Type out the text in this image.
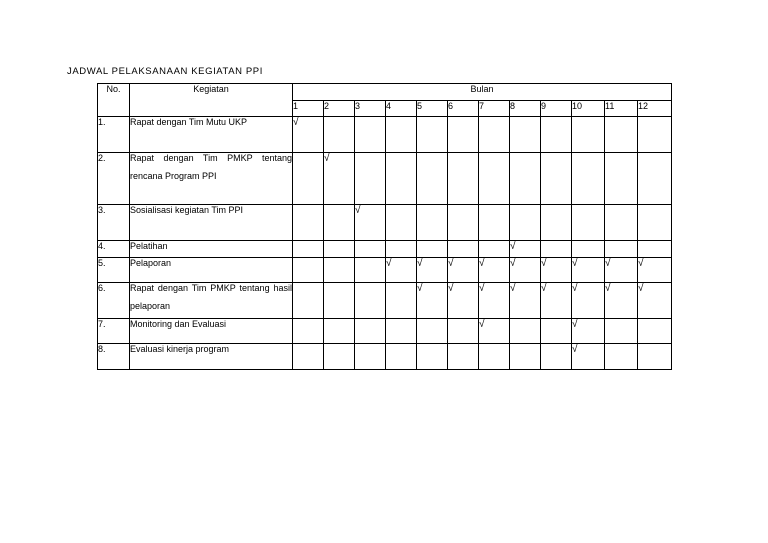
JADWAL PELAKSANAAN KEGIATAN PPI
No.	Kegiatan	Bulan											
		1	2	3	4	5	6	7	8	9	10	11	12
1.	Rapat dengan Tim Mutu UKP	√											
2.	Rapat dengan Tim PMKP tentang rencana Program PPI		√										
3.	Sosialisasi kegiatan Tim PPI			√									
4.	Pelatihan								√				
5.	Pelaporan				√	√	√	√	√	√	√	√	√
6.	Rapat dengan Tim PMKP tentang hasil pelaporan					√	√	√	√	√	√	√	√
7.	Monitoring dan Evaluasi							√			√		
8.	Evaluasi kinerja program										√		
